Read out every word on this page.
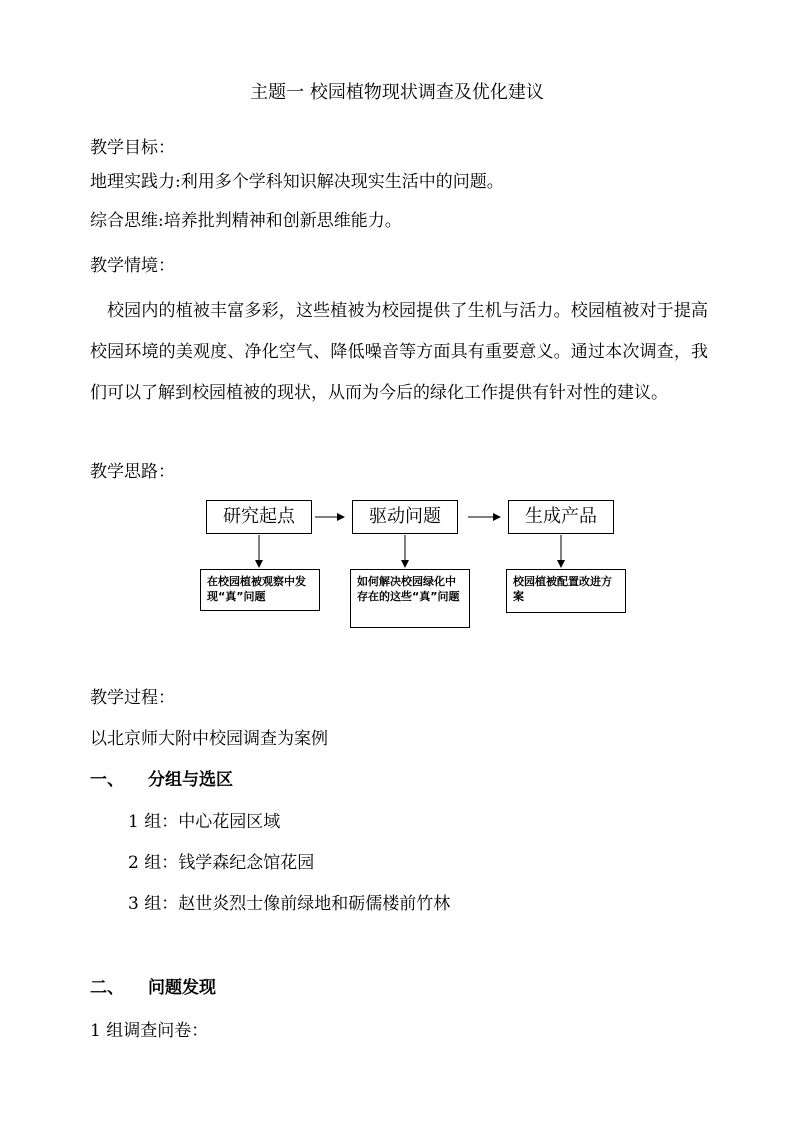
主题一 校园植物现状调查及优化建议
教学目标：
地理实践力:利用多个学科知识解决现实生活中的问题。
综合思维:培养批判精神和创新思维能力。
教学情境：
校园内的植被丰富多彩，这些植被为校园提供了生机与活力。校园植被对于提高校园环境的美观度、净化空气、降低噪音等方面具有重要意义。通过本次调查，我们可以了解到校园植被的现状，从而为今后的绿化工作提供有针对性的建议。
教学思路：
研究起点	驱动问题	生成产品
在校园植被观察中发现“真”问题
如何解决校园绿化中存在的这些“真”问题
校园植被配置改进方案
教学过程：
以北京师大附中校园调查为案例
一、 分组与选区
1 组：中心花园区域
2 组：钱学森纪念馆花园
3 组：赵世炎烈士像前绿地和砺儒楼前竹林
二、 问题发现
1 组调查问卷：
